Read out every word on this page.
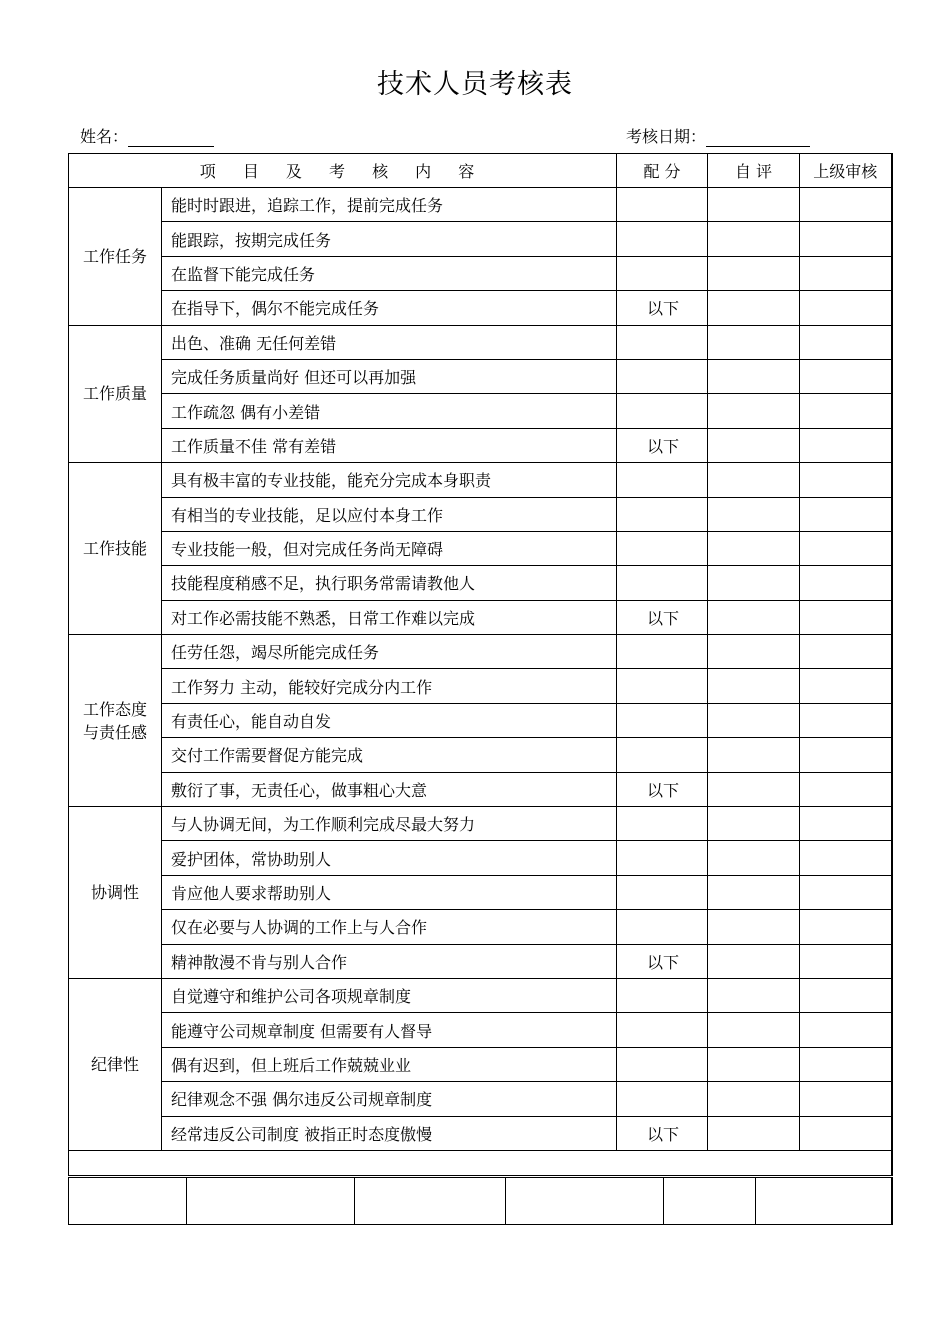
技术人员考核表
姓名：	考核日期：
项 目 及 考 核 内 容		配 分	自 评	上级审核

工作任务	能时时跟进，追踪工作，提前完成任务			
	能跟踪，按期完成任务			
	在监督下能完成任务			
	在指导下，偶尔不能完成任务	以下		

工作质量	出色、准确 无任何差错			
	完成任务质量尚好 但还可以再加强			
	工作疏忽 偶有小差错			
	工作质量不佳 常有差错	以下		

工作技能	具有极丰富的专业技能，能充分完成本身职责			
	有相当的专业技能，足以应付本身工作			
	专业技能一般，但对完成任务尚无障碍			
	技能程度稍感不足，执行职务常需请教他人			
	对工作必需技能不熟悉，日常工作难以完成	以下		

工作态度
与责任感	任劳任怨，竭尽所能完成任务			
	工作努力 主动，能较好完成分内工作			
	有责任心，能自动自发			
	交付工作需要督促方能完成			
	敷衍了事，无责任心，做事粗心大意	以下		

协调性	与人协调无间，为工作顺利完成尽最大努力			
	爱护团体，常协助别人			
	肯应他人要求帮助别人			
	仅在必要与人协调的工作上与人合作			
	精神散漫不肯与别人合作	以下		

纪律性	自觉遵守和维护公司各项规章制度			
	能遵守公司规章制度 但需要有人督导			
	偶有迟到，但上班后工作兢兢业业			
	纪律观念不强 偶尔违反公司规章制度			
	经常违反公司制度 被指正时态度傲慢	以下		
